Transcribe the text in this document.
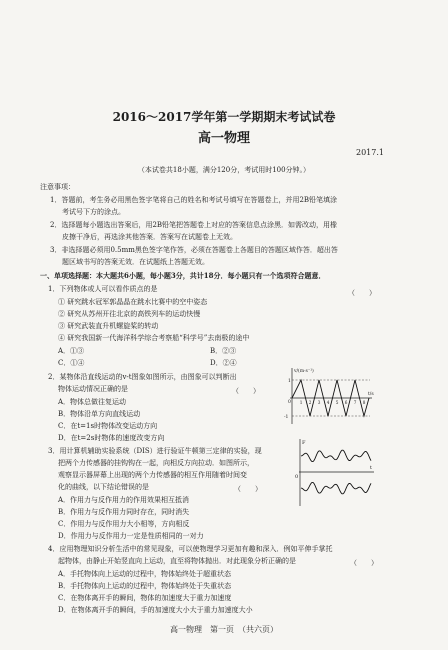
2016～2017学年第一学期期末考试试卷
高一物理
2017.1
（本试卷共18小题，满分120分，考试用时100分钟。）
注意事项：
1．答题前，考生务必用黑色签字笔将自己的姓名和考试号填写在答题卷上，并用2B铅笔填涂
考试号下方的涂点。
2．选择题每小题选出答案后，用2B铅笔把答题卷上对应的答案信息点涂黑．如需改动，用橡
皮擦干净后，再选涂其他答案．答案写在试题卷上无效。
3．非选择题必须用0.5mm黑色签字笔作答，必须在答题卷上各题目的答题区域作答．超出答
题区域书写的答案无效．在试题纸上答题无效。
一、单项选择题：本大题共6小题，每小题3分，共计18分．每小题只有一个选项符合题意．
1．下列物体或人可以看作质点的是	（　　）
① 研究跳水冠军郭晶晶在跳水比赛中的空中姿态
② 研究从苏州开往北京的高铁列车的运动快慢
③ 研究武装直升机螺旋桨的转动
④ 研究我国新一代海洋科学综合考察船“科学号”去南极的途中
A．①③	B．②③
C．①④	D．②④
2．某物体沿直线运动的v-t图象如图所示，由图象可以判断出
物体运动情况正确的是	（　　）
A．物体总做往复运动
B．物体沿单方向直线运动
C．在t=1s时物体改变运动方向
D．在t=2s时物体的速度改变方向
v/(m·s⁻¹)
t/s
1
-1
0 1 2 3 4 5 6 7 8
3．用计算机辅助实验系统（DIS）进行验证牛顿第三定律的实验，现
把两个力传感器的挂钩钩在一起，向相反方向拉动．如图所示，
观察显示器屏幕上出现的两个力传感器的相互作用随着时间变
化的曲线，以下结论错误的是	（　　）
A．作用力与反作用力的作用效果相互抵消
B．作用力与反作用力同时存在，同时消失
C．作用力与反作用力大小相等，方向相反
D．作用力与反作用力一定是性质相同的一对力
F
t
0
4．应用物理知识分析生活中的常见现象，可以使物理学习更加有趣和深入．例如平伸手掌托
起物体，由静止开始竖直向上运动，直至将物体抛出．对此现象分析正确的是	（　　）
A．手托物体向上运动的过程中，物体始终处于超重状态
B．手托物体向上运动的过程中，物体始终处于失重状态
C．在物体离开手的瞬间，物体的加速度大于重力加速度
D．在物体离开手的瞬间，手的加速度大小大于重力加速度大小
高一物理　第一页　（共六页）
